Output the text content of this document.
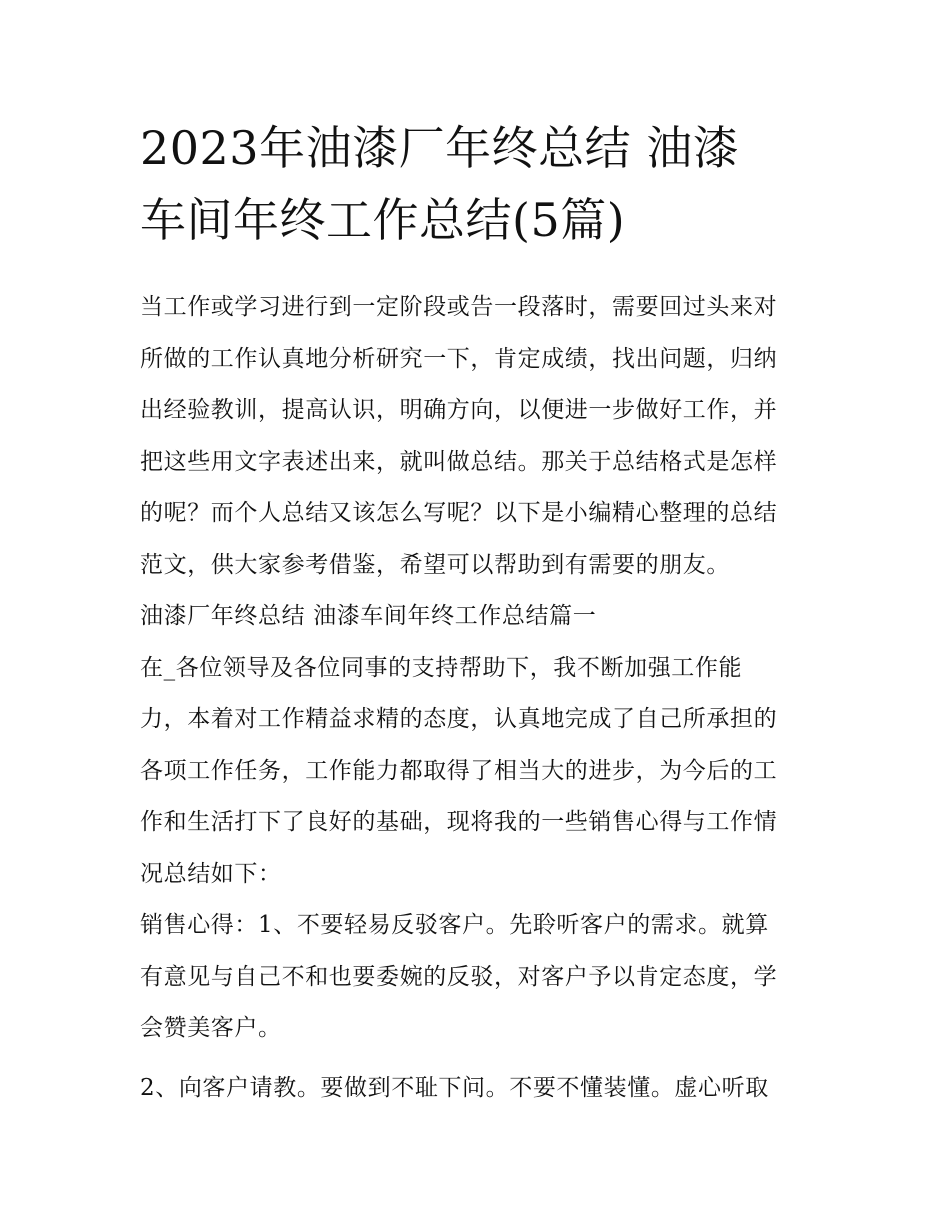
2023年油漆厂年终总结 油漆
车间年终工作总结(5篇)
当工作或学习进行到一定阶段或告一段落时，需要回过头来对
所做的工作认真地分析研究一下，肯定成绩，找出问题，归纳
出经验教训，提高认识，明确方向，以便进一步做好工作，并
把这些用文字表述出来，就叫做总结。那关于总结格式是怎样
的呢？而个人总结又该怎么写呢？以下是小编精心整理的总结
范文，供大家参考借鉴，希望可以帮助到有需要的朋友。
油漆厂年终总结 油漆车间年终工作总结篇一
在_各位领导及各位同事的支持帮助下，我不断加强工作能
力，本着对工作精益求精的态度，认真地完成了自己所承担的
各项工作任务，工作能力都取得了相当大的进步，为今后的工
作和生活打下了良好的基础，现将我的一些销售心得与工作情
况总结如下：
销售心得：1、不要轻易反驳客户。先聆听客户的需求。就算
有意见与自己不和也要委婉的反驳，对客户予以肯定态度，学
会赞美客户。
2、向客户请教。要做到不耻下问。不要不懂装懂。虚心听取
